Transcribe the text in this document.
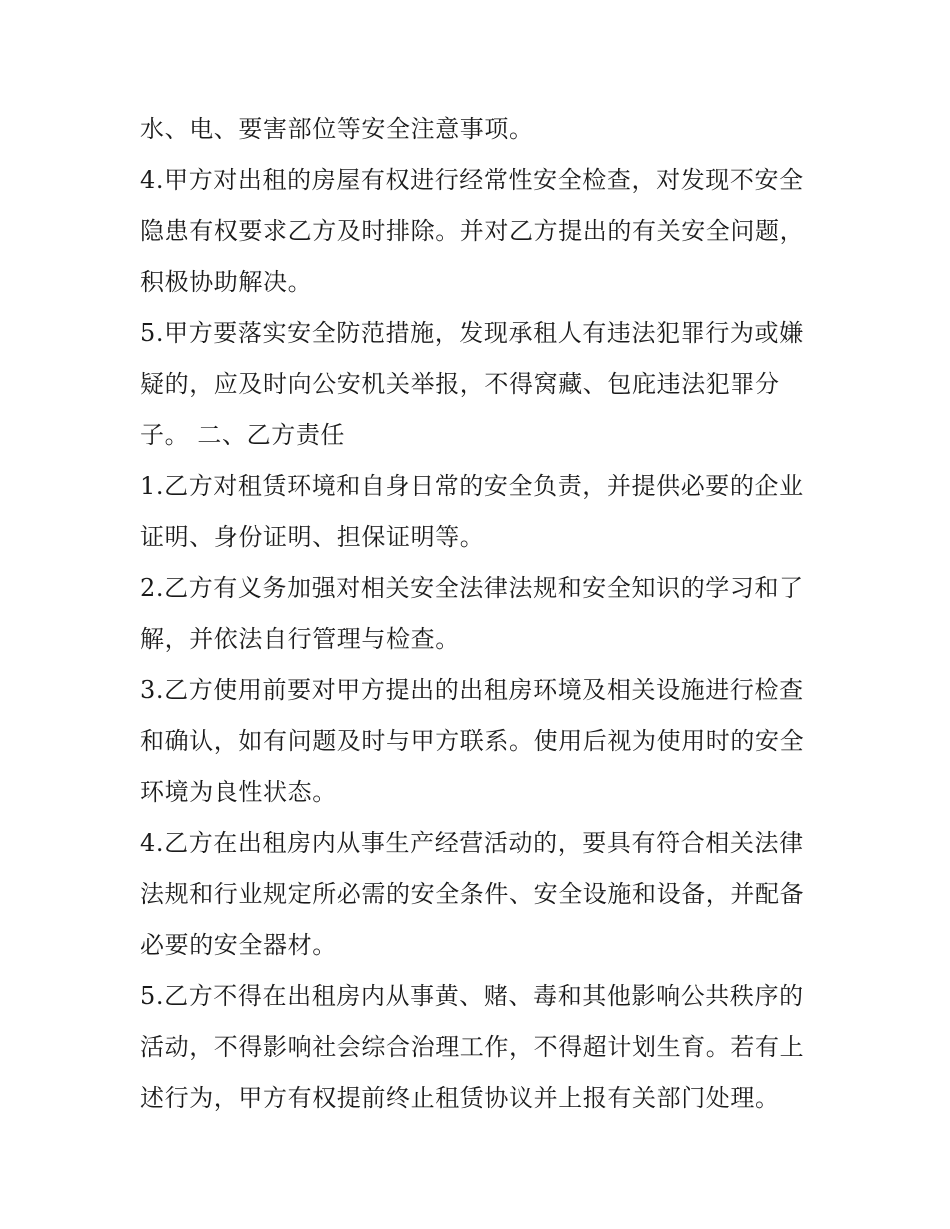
水、电、要害部位等安全注意事项。
4.甲方对出租的房屋有权进行经常性安全检查，对发现不安全
隐患有权要求乙方及时排除。并对乙方提出的有关安全问题，
积极协助解决。
5.甲方要落实安全防范措施，发现承租人有违法犯罪行为或嫌
疑的，应及时向公安机关举报，不得窝藏、包庇违法犯罪分
子。 二、乙方责任
1.乙方对租赁环境和自身日常的安全负责，并提供必要的企业
证明、身份证明、担保证明等。
2.乙方有义务加强对相关安全法律法规和安全知识的学习和了
解，并依法自行管理与检查。
3.乙方使用前要对甲方提出的出租房环境及相关设施进行检查
和确认，如有问题及时与甲方联系。使用后视为使用时的安全
环境为良性状态。
4.乙方在出租房内从事生产经营活动的，要具有符合相关法律
法规和行业规定所必需的安全条件、安全设施和设备，并配备
必要的安全器材。
5.乙方不得在出租房内从事黄、赌、毒和其他影响公共秩序的
活动，不得影响社会综合治理工作，不得超计划生育。若有上
述行为，甲方有权提前终止租赁协议并上报有关部门处理。
